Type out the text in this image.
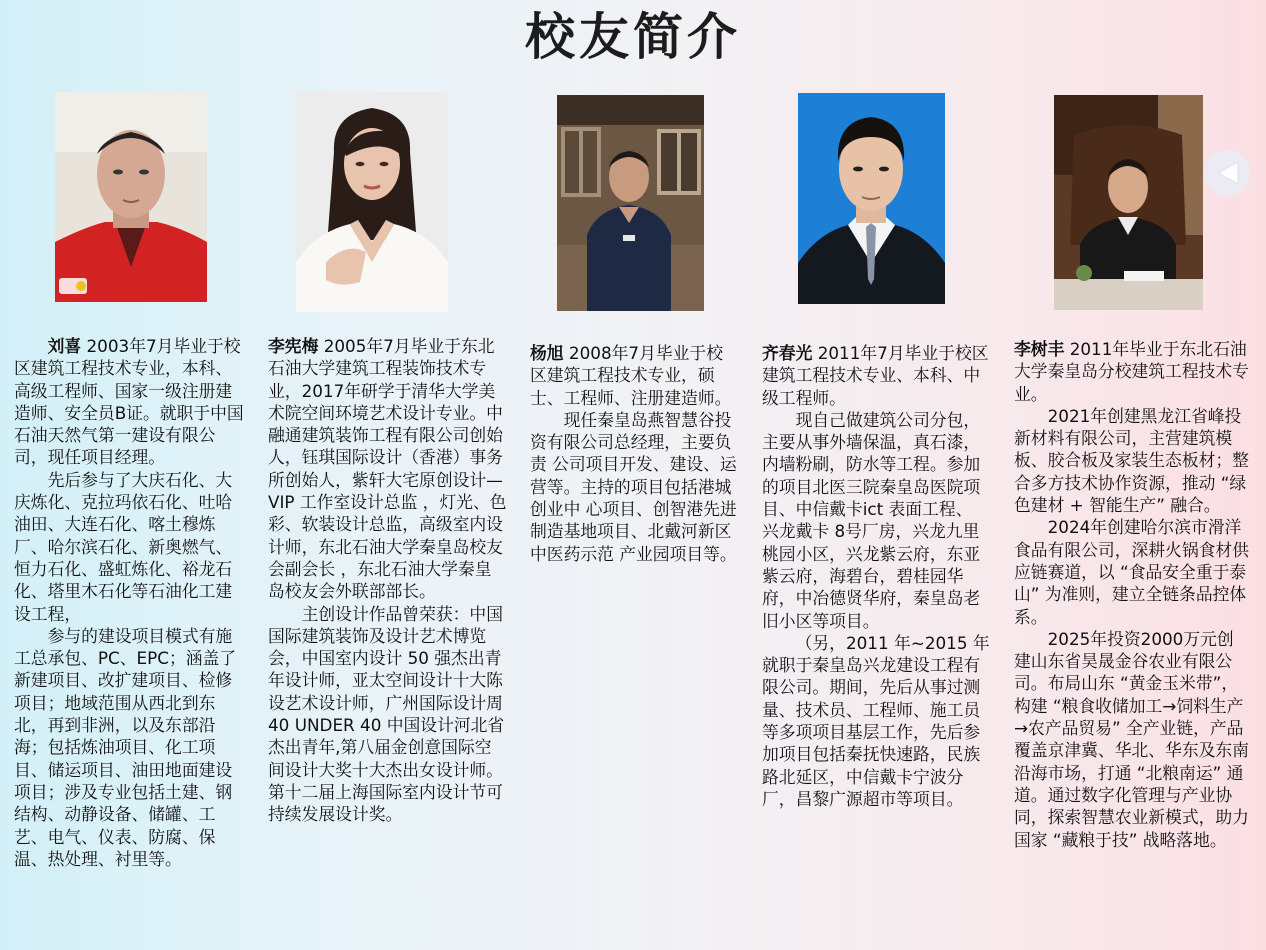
校友简介

刘喜 2003年7月毕业于校区建筑工程技术专业，本科、高级工程师、国家一级注册建造师、安全员B证。就职于中国石油天然气第一建设有限公司，现任项目经理。

先后参与了大庆石化、大庆炼化、克拉玛依石化、吐哈油田、大连石化、喀土穆炼厂、哈尔滨石化、新奥燃气、恒力石化、盛虹炼化、裕龙石化、塔里木石化等石油化工建设工程，

参与的建设项目模式有施工总承包、PC、EPC；涵盖了新建项目、改扩建项目、检修项目；地域范围从西北到东北，再到非洲，以及东部沿海；包括炼油项目、化工项目、储运项目、油田地面建设项目；涉及专业包括土建、钢结构、动静设备、储罐、工艺、电气、仪表、防腐、保温、热处理、衬里等。

李宪梅 2005年7月毕业于东北石油大学建筑工程装饰技术专业，2017年研学于清华大学美术院空间环境艺术设计专业。中融通建筑装饰工程有限公司创始人，钰琪国际设计（香港）事务所创始人，紫轩大宅原创设计—VIP 工作室设计总监 ，灯光、色彩、软装设计总监，高级室内设计师，东北石油大学秦皇岛校友会副会长 ，东北石油大学秦皇岛校友会外联部部长。

主创设计作品曾荣获：中国国际建筑装饰及设计艺术博览会，中国室内设计 50 强杰出青年设计师，亚太空间设计十大陈设艺术设计师，广州国际设计周 40 UNDER 40 中国设计河北省杰出青年,第八届金创意国际空间设计大奖十大杰出女设计师。 第十二届上海国际室内设计节可持续发展设计奖。

杨旭 2008年7月毕业于校区建筑工程技术专业，硕士、工程师、注册建造师。

现任秦皇岛燕智慧谷投资有限公司总经理，主要负责 公司项目开发、建设、运营等。主持的项目包括港城创业中 心项目、创智港先进制造基地项目、北戴河新区中医药示范 产业园项目等。

齐春光 2011年7月毕业于校区建筑工程技术专业、本科、中级工程师。

现自己做建筑公司分包，主要从事外墙保温，真石漆，内墙粉刷，防水等工程。参加的项目北医三院秦皇岛医院项目、中信戴卡ict 表面工程、 兴龙戴卡 8号厂房，兴龙九里桃园小区，兴龙紫云府，东亚紫云府，海碧台，碧桂园华府，中冶德贤华府，秦皇岛老旧小区等项目。

（另，2011 年~2015 年就职于秦皇岛兴龙建设工程有限公司。期间，先后从事过测量、技术员、工程师、施工员等多项项目基层工作，先后参加项目包括秦抚快速路，民族路北延区，中信戴卡宁波分厂，昌黎广源超市等项目。

李树丰 2011年毕业于东北石油大学秦皇岛分校建筑工程技术专业。

2021年创建黑龙江省峰投新材料有限公司，主营建筑模板、胶合板及家装生态板材；整合多方技术协作资源，推动 “绿色建材 + 智能生产” 融合。

2024年创建哈尔滨市滑洋食品有限公司，深耕火锅食材供应链赛道，以 “食品安全重于泰山” 为准则，建立全链条品控体系。

2025年投资2000万元创建山东省昊晟金谷农业有限公司。布局山东 “黄金玉米带”，构建 “粮食收储加工→饲料生产→农产品贸易” 全产业链，产品覆盖京津冀、华北、华东及东南沿海市场，打通 “北粮南运” 通道。通过数字化管理与产业协同，探索智慧农业新模式，助力国家 “藏粮于技” 战略落地。
